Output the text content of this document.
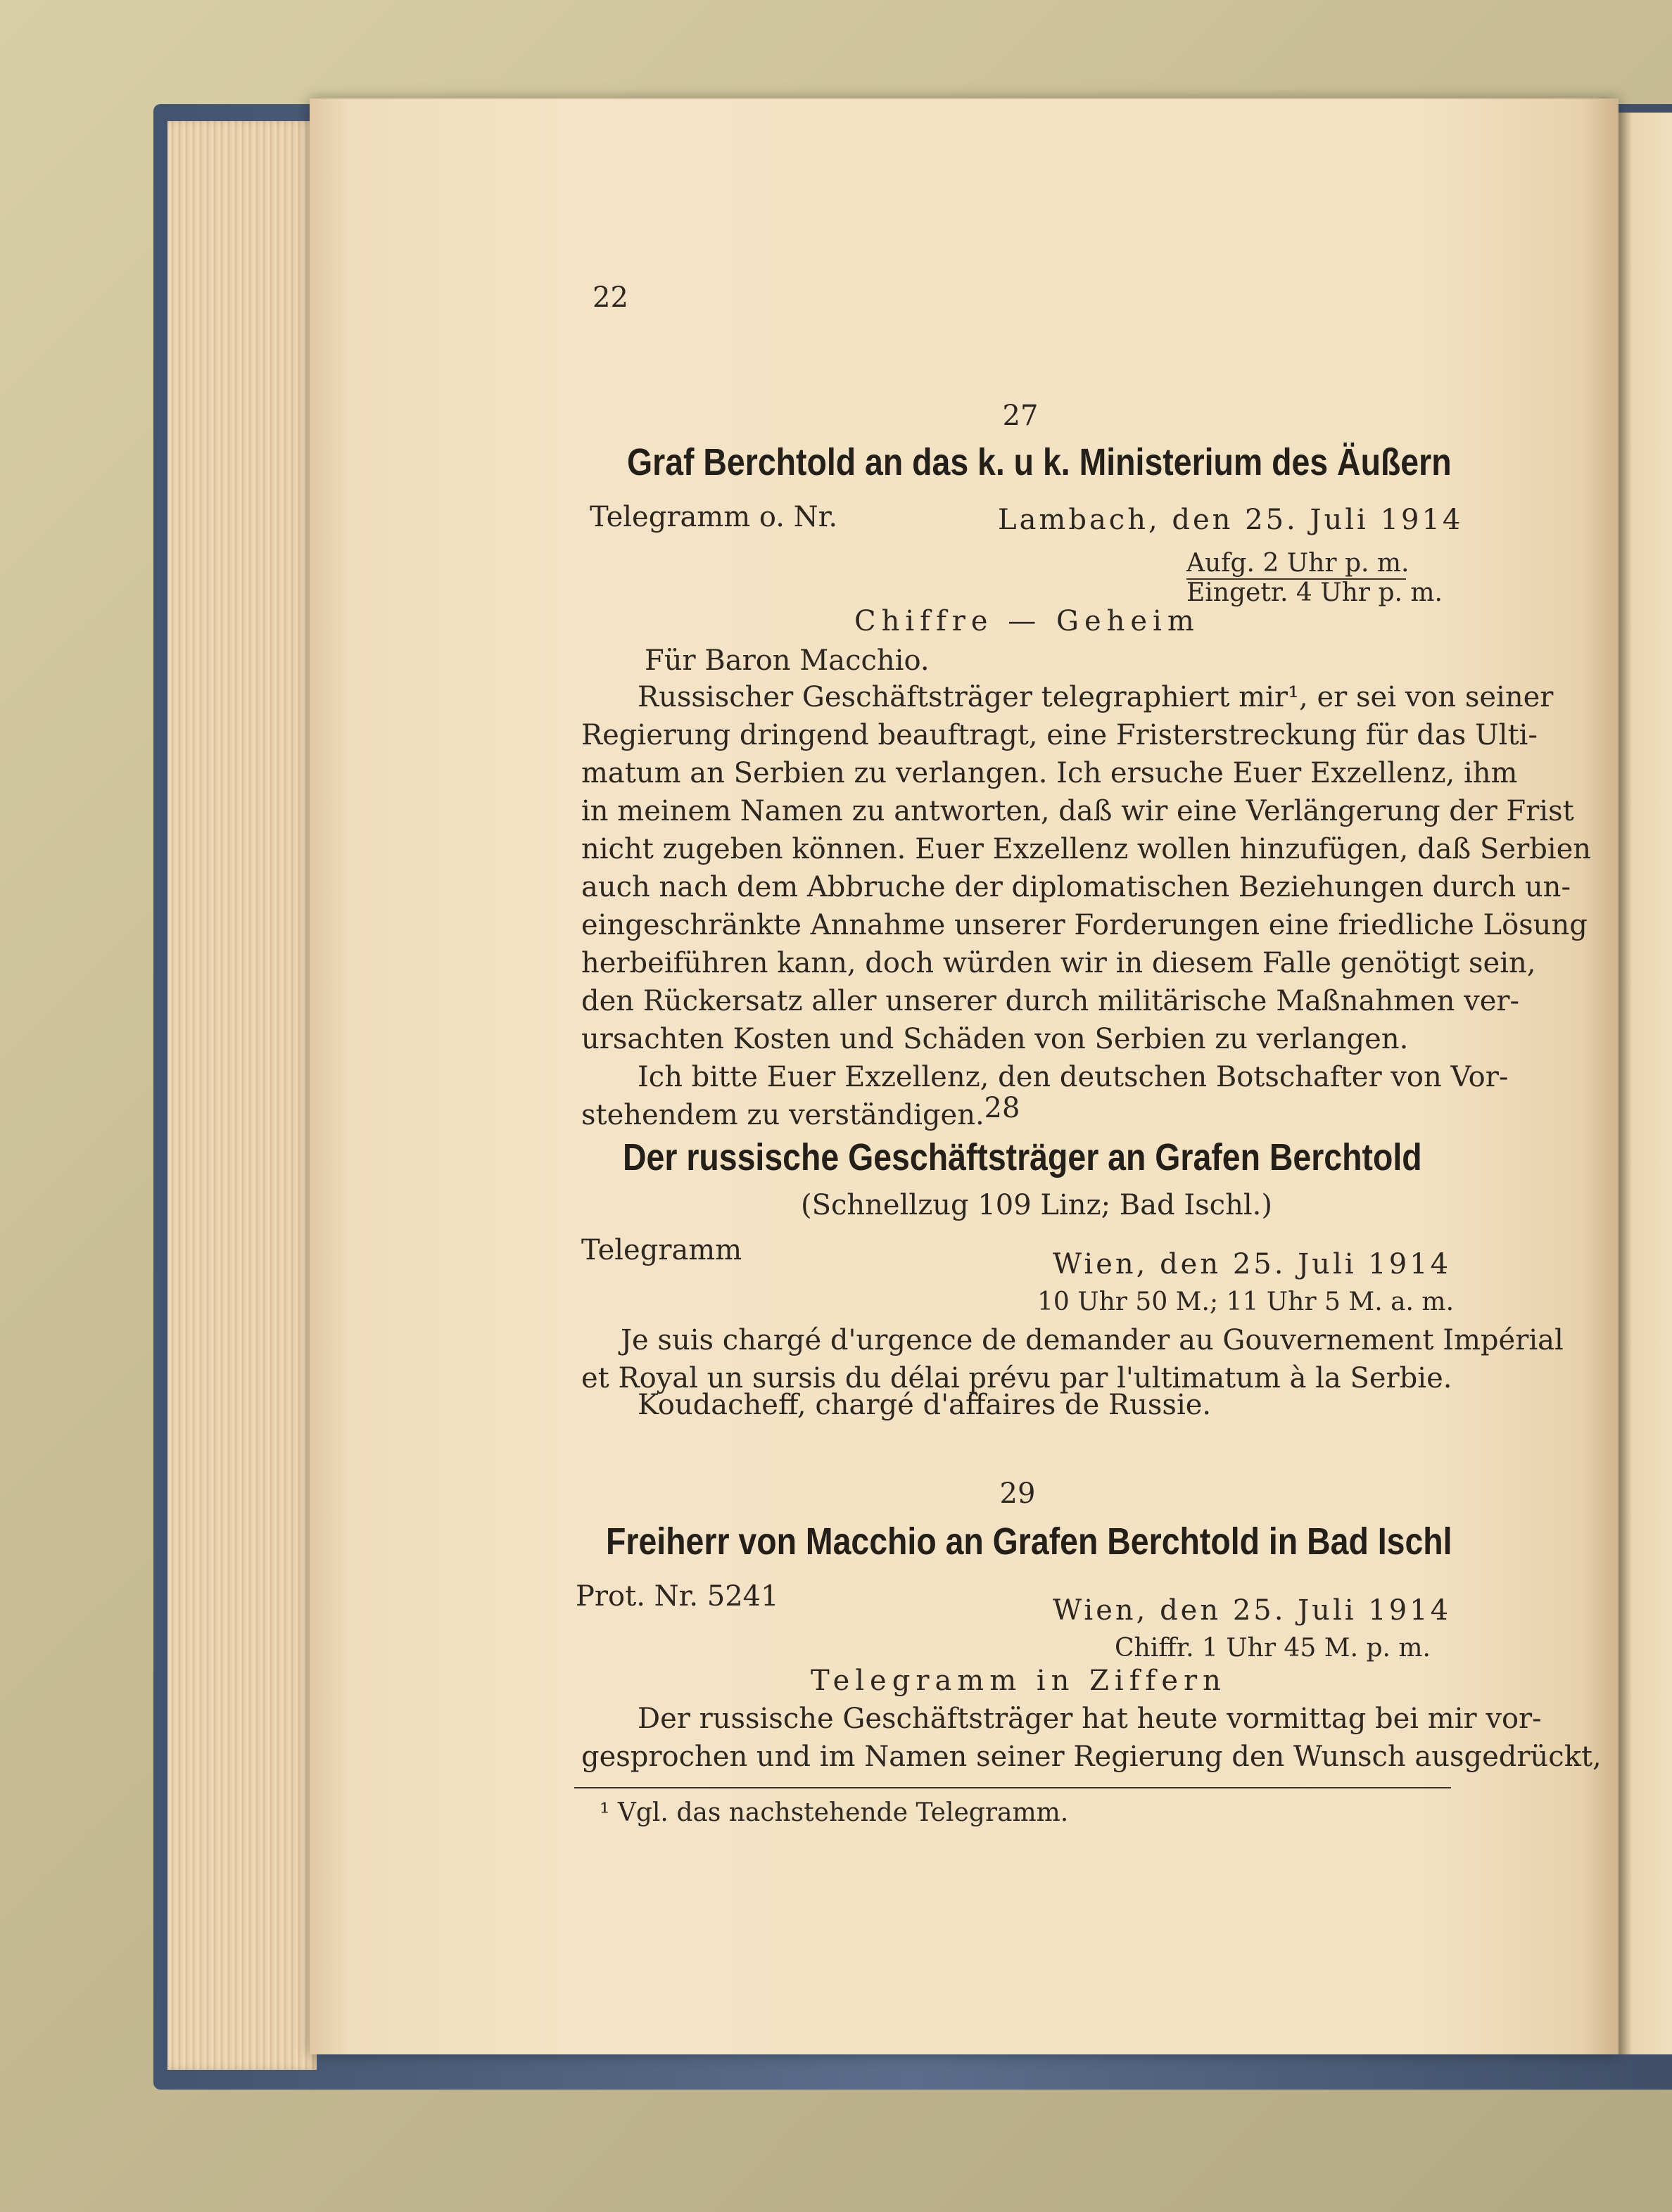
22
27
Graf Berchtold an das k. u k. Ministerium des Äußern
Telegramm o. Nr.	Lambach, den 25. Juli 1914
Aufg. 2 Uhr p. m.
Eingetr. 4 Uhr p. m.
Chiffre — Geheim
Für Baron Macchio.
Russischer Geschäftsträger telegraphiert mir¹, er sei von seiner
Regierung dringend beauftragt, eine Fristerstreckung für das Ulti-
matum an Serbien zu verlangen. Ich ersuche Euer Exzellenz, ihm
in meinem Namen zu antworten, daß wir eine Verlängerung der Frist
nicht zugeben können. Euer Exzellenz wollen hinzufügen, daß Serbien
auch nach dem Abbruche der diplomatischen Beziehungen durch un-
eingeschränkte Annahme unserer Forderungen eine friedliche Lösung
herbeiführen kann, doch würden wir in diesem Falle genötigt sein,
den Rückersatz aller unserer durch militärische Maßnahmen ver-
ursachten Kosten und Schäden von Serbien zu verlangen.
Ich bitte Euer Exzellenz, den deutschen Botschafter von Vor-
stehendem zu verständigen. 28
Der russische Geschäftsträger an Grafen Berchtold
(Schnellzug 109 Linz; Bad Ischl.)
Telegramm	Wien, den 25. Juli 1914
10 Uhr 50 M.; 11 Uhr 5 M. a. m.
Je suis chargé d'urgence de demander au Gouvernement Impérial
et Royal un sursis du délai prévu par l'ultimatum à la Serbie.
Koudacheff, chargé d'affaires de Russie.
29
Freiherr von Macchio an Grafen Berchtold in Bad Ischl
Prot. Nr. 5241	Wien, den 25. Juli 1914
Chiffr. 1 Uhr 45 M. p. m.
Telegramm in Ziffern
Der russische Geschäftsträger hat heute vormittag bei mir vor-
gesprochen und im Namen seiner Regierung den Wunsch ausgedrückt,
¹ Vgl. das nachstehende Telegramm.
